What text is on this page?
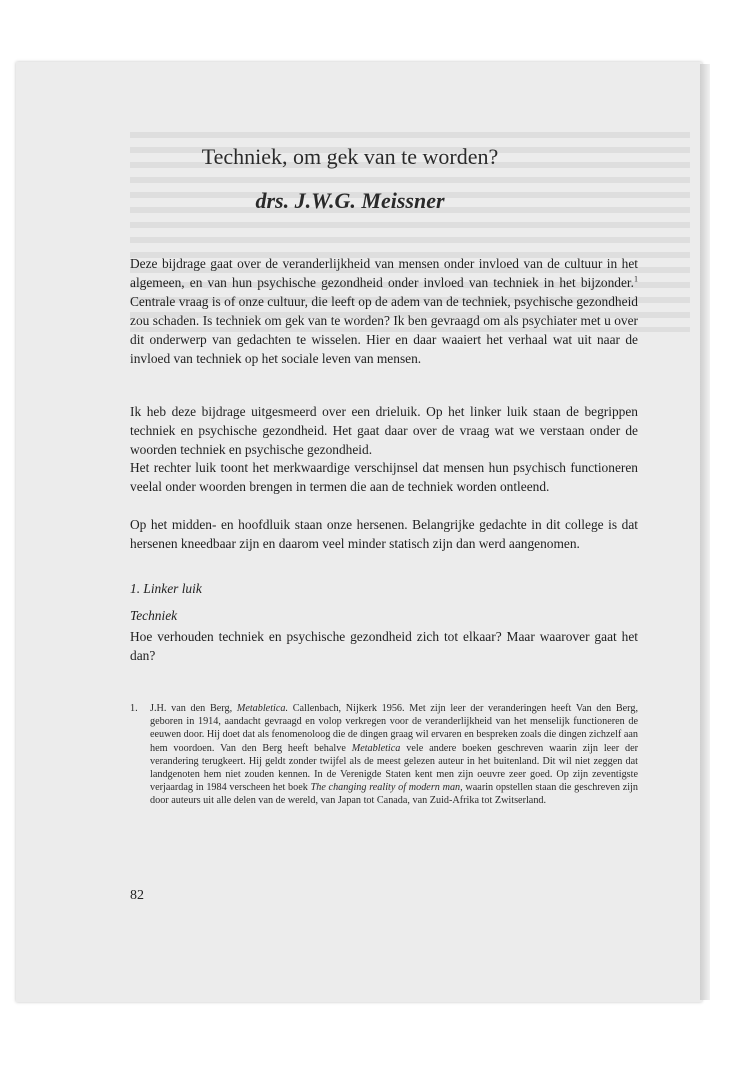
Techniek, om gek van te worden?
drs. J.W.G. Meissner

Deze bijdrage gaat over de veranderlijkheid van mensen onder invloed van de cultuur in het algemeen, en van hun psychische gezondheid onder invloed van techniek in het bijzonder.$^1$ Centrale vraag is of onze cultuur, die leeft op de adem van de techniek, psychische gezondheid zou schaden. Is techniek om gek van te worden? Ik ben gevraagd om als psychiater met u over dit onderwerp van gedachten te wisselen. Hier en daar waaiert het verhaal wat uit naar de invloed van techniek op het sociale leven van mensen.

Ik heb deze bijdrage uitgesmeerd over een drieluik. Op het linker luik staan de begrippen techniek en psychische gezondheid. Het gaat daar over de vraag wat we verstaan onder de woorden techniek en psychische gezondheid.

Het rechter luik toont het merkwaardige verschijnsel dat mensen hun psychisch functioneren veelal onder woorden brengen in termen die aan de techniek worden ontleend.

Op het midden- en hoofdluik staan onze hersenen. Belangrijke gedachte in dit college is dat hersenen kneedbaar zijn en daarom veel minder statisch zijn dan werd aangenomen.

1. Linker luik

Techniek

Hoe verhouden techniek en psychische gezondheid zich tot elkaar? Maar waarover gaat het dan?

1. J.H. van den Berg, Metabletica. Callenbach, Nijkerk 1956. Met zijn leer der veranderingen heeft Van den Berg, geboren in 1914, aandacht gevraagd en volop verkregen voor de veranderlijkheid van het menselijk functioneren de eeuwen door. Hij doet dat als fenomenoloog die de dingen graag wil ervaren en bespreken zoals die dingen zichzelf aan hem voordoen. Van den Berg heeft behalve Metabletica vele andere boeken geschreven waarin zijn leer der verandering terugkeert. Hij geldt zonder twijfel als de meest gelezen auteur in het buitenland. Dit wil niet zeggen dat landgenoten hem niet zouden kennen. In de Verenigde Staten kent men zijn oeuvre zeer goed. Op zijn zeventigste verjaardag in 1984 verscheen het boek The changing reality of modern man, waarin opstellen staan die geschreven zijn door auteurs uit alle delen van de wereld, van Japan tot Canada, van Zuid-Afrika tot Zwitserland.

82
